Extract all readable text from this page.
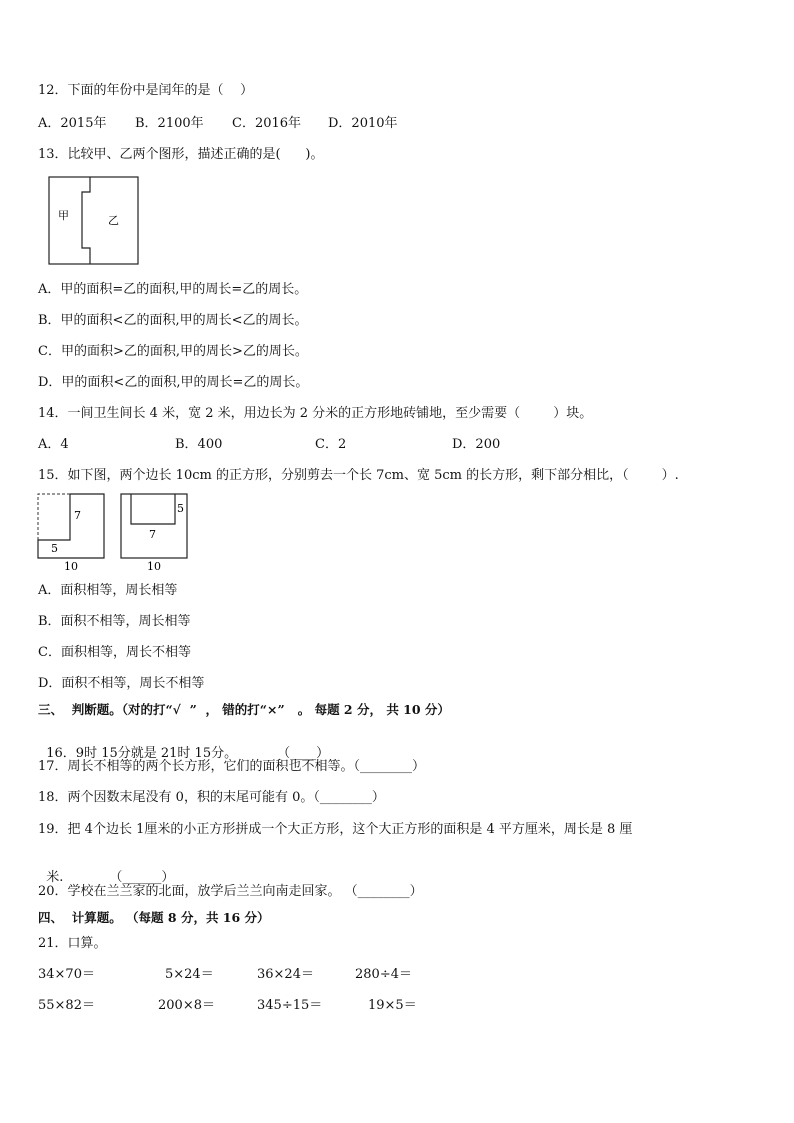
12．下面的年份中是闰年的是（    ）
A．2015年 B．2100年 C．2016年 D．2010年
13．比较甲、乙两个图形，描述正确的是(      )。
甲	乙
A．甲的面积=乙的面积,甲的周长=乙的周长。
B．甲的面积<乙的面积,甲的周长<乙的周长。
C．甲的面积>乙的面积,甲的周长>乙的周长。
D．甲的面积<乙的面积,甲的周长=乙的周长。
14．一间卫生间长 4 米，宽 2 米，用边长为 2 分米的正方形地砖铺地，至少需要（        ）块。
A．4	B．400	C．2	D．200
15．如下图，两个边长 10cm 的正方形，分别剪去一个长 7cm、宽 5cm 的长方形，剩下部分相比，（        ）.
7
5
10
5
7
10
A．面积相等，周长相等
B．面积不相等，周长相等
C．面积相等，周长不相等
D．面积不相等，周长不相等
三、  判断题。（对的打“√  ”  ， 错的打“×”   。 每题 2 分， 共 10 分）

16．9时 15分就是 21时 15分。	（____）

17．周长不相等的两个长方形，它们的面积也不相等。（________）
18．两个因数末尾没有 0，积的末尾可能有 0。（________）
19．把 4个边长 1厘米的小正方形拼成一个大正方形，这个大正方形的面积是 4 平方厘米，周长是 8 厘

米.	（______）

20．学校在兰兰家的北面，放学后兰兰向南走回家。 （________）
四、  计算题。 （每题 8 分，共 16 分）
21．口算。
34×70＝	5×24＝	36×24＝	280÷4＝
55×82＝	200×8＝	345÷15＝	19×5＝
